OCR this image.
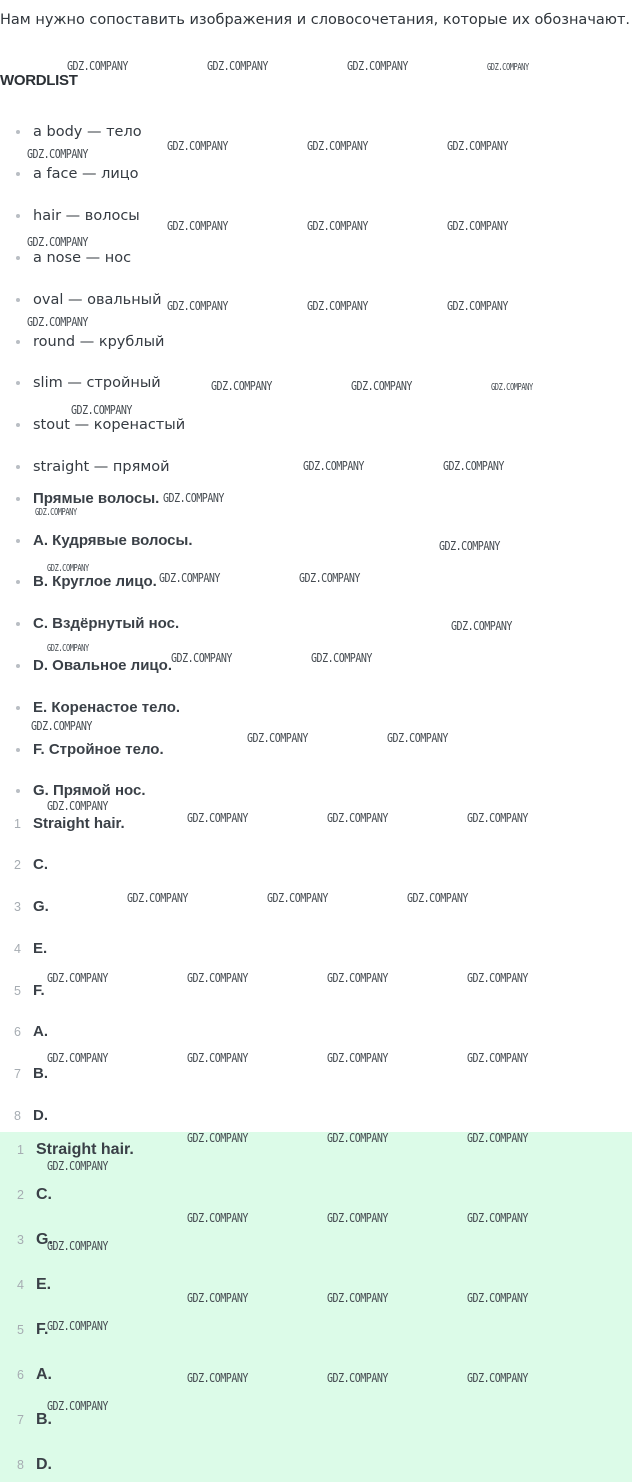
Нам нужно сопоставить изображения и словосочетания, которые их обозначают.

WORDLIST
a body — тело
a face — лицо
hair — волосы
a nose — нос
oval — овальный
round — крублый
slim — стройный
stout — коренастый
straight — прямой
Прямые волосы.
A. Кудрявые волосы.
B. Круглое лицо.
C. Вздёрнутый нос.
D. Овальное лицо.
E. Коренастое тело.
F. Стройное тело.
G. Прямой нос.
1 Straight hair.
2 C.
3 G.
4 E.
5 F.
6 A.
7 B.
8 D.
1 Straight hair.
2 C.
3 G.
4 E.
5 F.
6 A.
7 B.
8 D.
GDZ.COMPANY	GDZ.COMPANY	GDZ.COMPANY	GDZ.COMPANY
GDZ.COMPANY	GDZ.COMPANY	GDZ.COMPANY
GDZ.COMPANY
GDZ.COMPANY	GDZ.COMPANY	GDZ.COMPANY
GDZ.COMPANY
GDZ.COMPANY	GDZ.COMPANY	GDZ.COMPANY
GDZ.COMPANY
GDZ.COMPANY	GDZ.COMPANY	GDZ.COMPANY
GDZ.COMPANY
GDZ.COMPANY	GDZ.COMPANY
GDZ.COMPANY
GDZ.COMPANY
GDZ.COMPANY
GDZ.COMPANY
GDZ.COMPANY	GDZ.COMPANY
GDZ.COMPANY
GDZ.COMPANY
GDZ.COMPANY	GDZ.COMPANY
GDZ.COMPANY
GDZ.COMPANY	GDZ.COMPANY
GDZ.COMPANY
GDZ.COMPANY	GDZ.COMPANY	GDZ.COMPANY
GDZ.COMPANY	GDZ.COMPANY	GDZ.COMPANY
GDZ.COMPANY	GDZ.COMPANY	GDZ.COMPANY	GDZ.COMPANY
GDZ.COMPANY	GDZ.COMPANY	GDZ.COMPANY	GDZ.COMPANY
GDZ.COMPANY	GDZ.COMPANY	GDZ.COMPANY
GDZ.COMPANY
GDZ.COMPANY	GDZ.COMPANY	GDZ.COMPANY
GDZ.COMPANY
GDZ.COMPANY	GDZ.COMPANY	GDZ.COMPANY
GDZ.COMPANY
GDZ.COMPANY	GDZ.COMPANY	GDZ.COMPANY
GDZ.COMPANY
